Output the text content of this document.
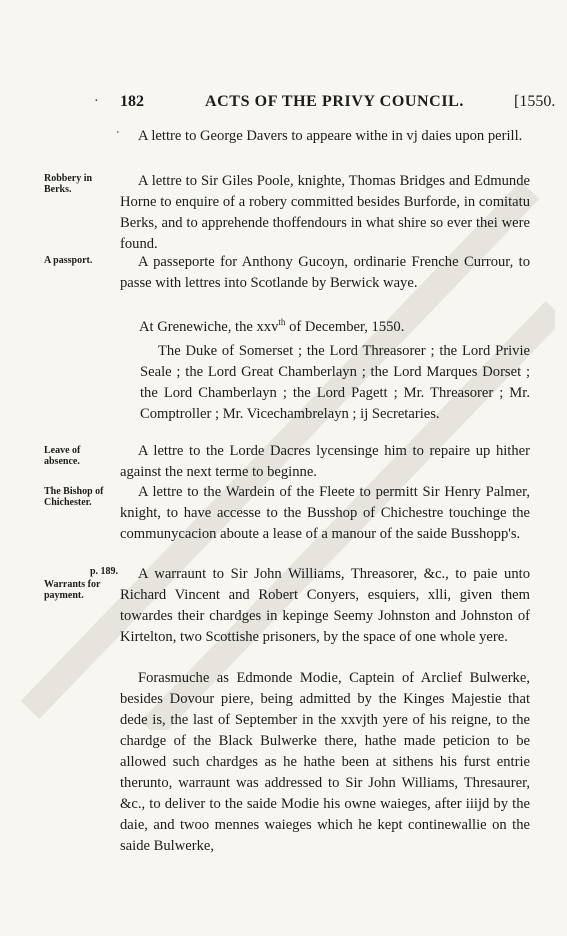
· 182	ACTS OF THE PRIVY COUNCIL.	[1550.
'	A lettre to George Davers to appeare withe in vj daies upon perill.

Robbery in Berks.

A lettre to Sir Giles Poole, knighte, Thomas Bridges and Edmunde Horne to enquire of a robery committed besides Burforde, in comitatu Berks, and to apprehende thoffendours in what shire so ever thei were found.

A passport.	A passeporte for Anthony Gucoyn, ordinarie Frenche Currour, to passe with lettres into Scotlande by Berwick waye.

At Grenewiche, the xxv$^{th}$ of December, 1550.

The Duke of Somerset ; the Lord Threasorer ; the Lord Privie Seale ; the Lord Great Chamberlayn ; the Lord Marques Dorset ; the Lord Chamberlayn ; the Lord Pagett ; Mr. Threasorer ; Mr. Comptroller ; Mr. Vicechambrelayn ; ij Secretaries.

Leave of absence.

A lettre to the Lorde Dacres lycensinge him to repaire up hither against the next terme to beginne.

The Bishop of Chichester.

A lettre to the Wardein of the Fleete to permitt Sir Henry Palmer, knight, to have accesse to the Busshop of Chichestre touchinge the communycacion aboute a lease of a manour of the saide Busshopp's.

p. 189.
Warrants for payment.

A warraunt to Sir John Williams, Threasorer, &c., to paie unto Richard Vincent and Robert Conyers, esquiers, xlli, given them towardes their chardges in kepinge Seemy Johnston and Johnston of Kirtelton, two Scottishe prisoners, by the space of one whole yere.

Forasmuche as Edmonde Modie, Captein of Arclief Bulwerke, besides Dovour piere, being admitted by the Kinges Majestie that dede is, the last of September in the xxvjth yere of his reigne, to the chardge of the Black Bulwerke there, hathe made peticion to be allowed such chardges as he hathe been at sithens his furst entrie therunto, warraunt was addressed to Sir John Williams, Thresaurer, &c., to deliver to the saide Modie his owne waieges, after iiijd by the daie, and twoo mennes waieges which he kept continewallie on the saide Bulwerke,
